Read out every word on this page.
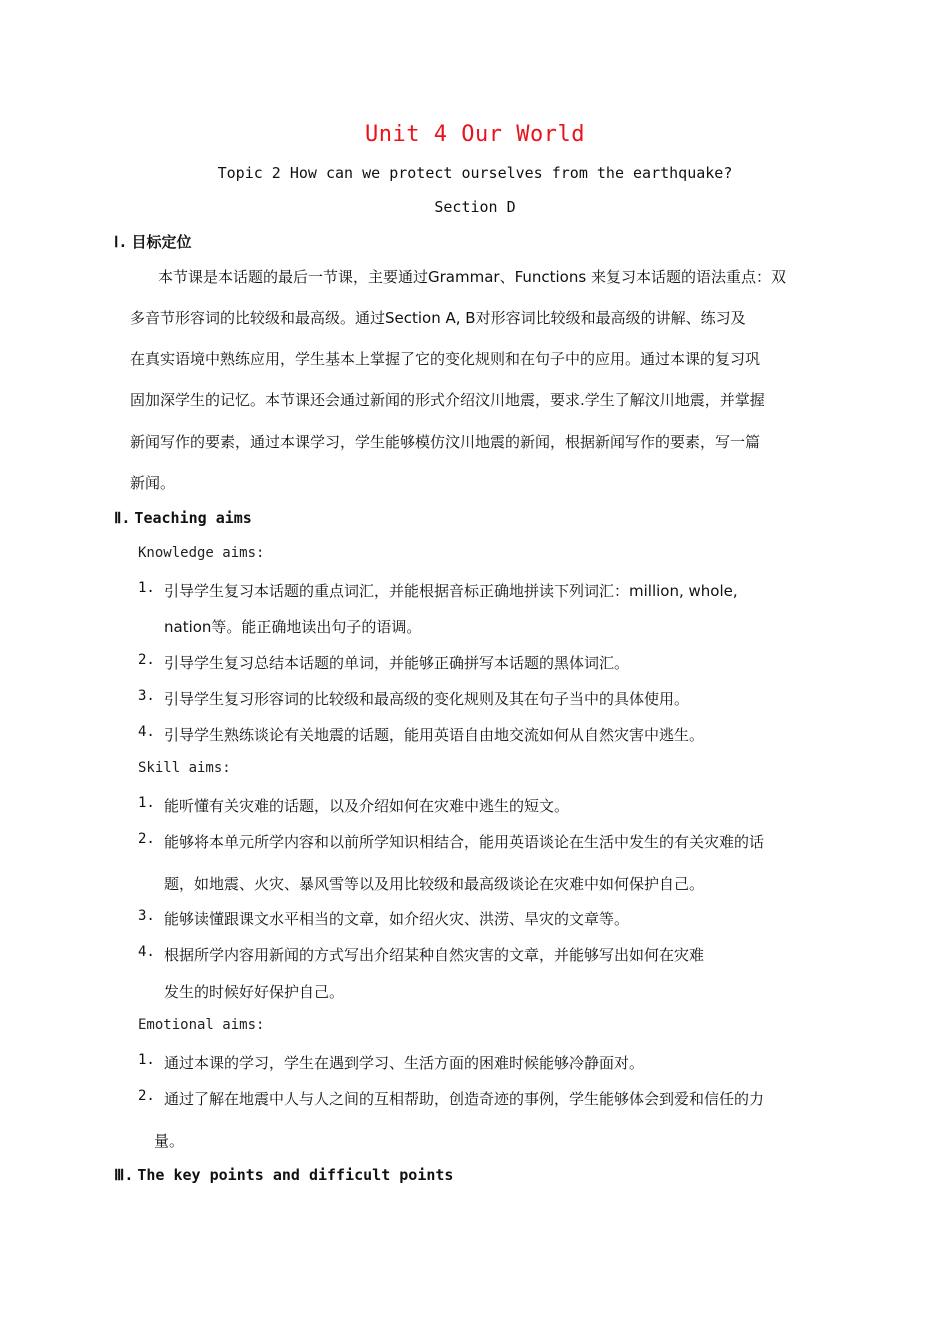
Unit 4 Our World
Topic 2 How can we protect ourselves from the earthquake?
Section D
Ⅰ. 目标定位
本节课是本话题的最后一节课，主要通过Grammar、Functions 来复习本话题的语法重点：双
多音节形容词的比较级和最高级。通过Section A, B对形容词比较级和最高级的讲解、练习及
在真实语境中熟练应用，学生基本上掌握了它的变化规则和在句子中的应用。通过本课的复习巩
固加深学生的记忆。本节课还会通过新闻的形式介绍汶川地震，要求.学生了解汶川地震，并掌握
新闻写作的要素，通过本课学习，学生能够模仿汶川地震的新闻，根据新闻写作的要素，写一篇
新闻。
Ⅱ. Teaching aims
Knowledge aims:
1. 引导学生复习本话题的重点词汇，并能根据音标正确地拼读下列词汇：million, whole,
nation等。能正确地读出句子的语调。
2. 引导学生复习总结本话题的单词，并能够正确拼写本话题的黑体词汇。
3. 引导学生复习形容词的比较级和最高级的变化规则及其在句子当中的具体使用。
4. 引导学生熟练谈论有关地震的话题，能用英语自由地交流如何从自然灾害中逃生。
Skill aims:
1. 能听懂有关灾难的话题，以及介绍如何在灾难中逃生的短文。
2. 能够将本单元所学内容和以前所学知识相结合，能用英语谈论在生活中发生的有关灾难的话
题，如地震、火灾、暴风雪等以及用比较级和最高级谈论在灾难中如何保护自己。
3. 能够读懂跟课文水平相当的文章，如介绍火灾、洪涝、旱灾的文章等。
4. 根据所学内容用新闻的方式写出介绍某种自然灾害的文章，并能够写出如何在灾难
发生的时候好好保护自己。
Emotional aims:
1. 通过本课的学习，学生在遇到学习、生活方面的困难时候能够冷静面对。
2. 通过了解在地震中人与人之间的互相帮助，创造奇迹的事例，学生能够体会到爱和信任的力
量。
Ⅲ. The key points and difficult points
